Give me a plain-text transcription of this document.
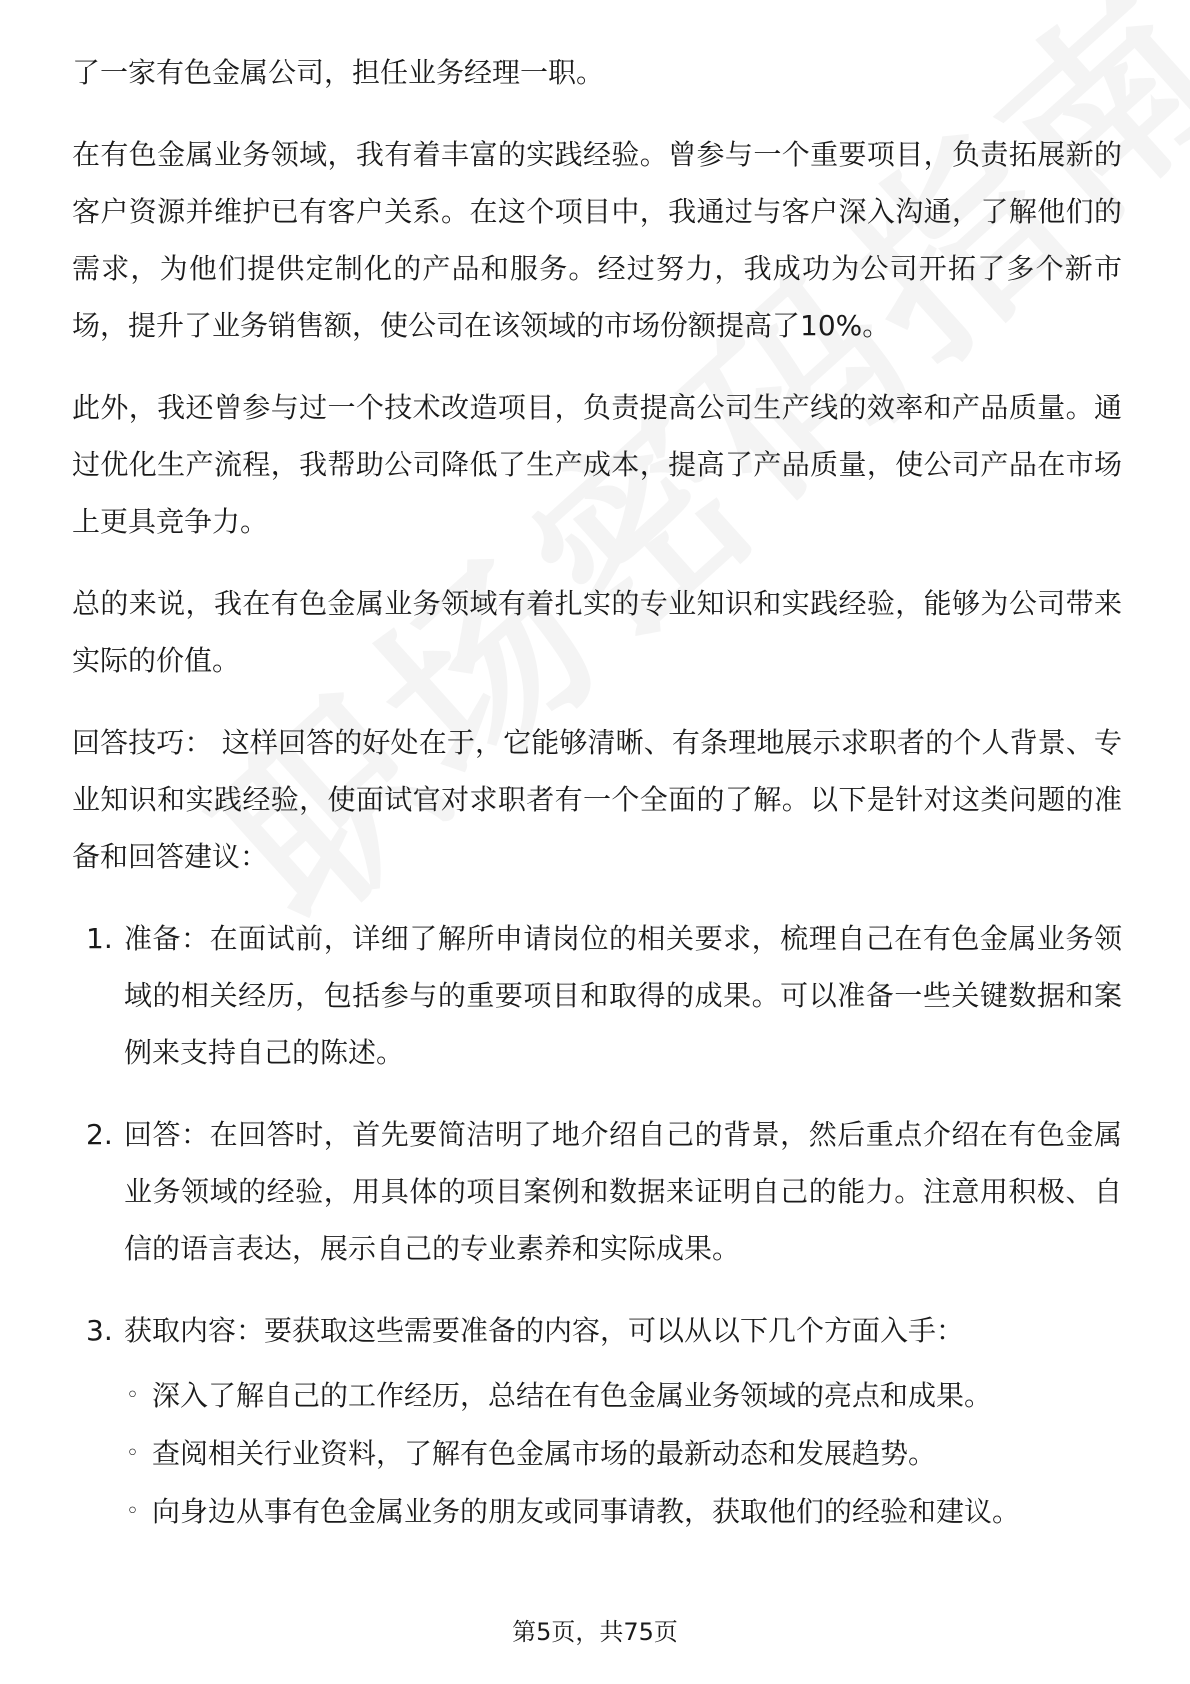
了一家有色金属公司，担任业务经理一职。

在有色金属业务领域，我有着丰富的实践经验。曾参与一个重要项目，负责拓展新的客户资源并维护已有客户关系。在这个项目中，我通过与客户深入沟通，了解他们的需求，为他们提供定制化的产品和服务。经过努力，我成功为公司开拓了多个新市场，提升了业务销售额，使公司在该领域的市场份额提高了10%。

此外，我还曾参与过一个技术改造项目，负责提高公司生产线的效率和产品质量。通过优化生产流程，我帮助公司降低了生产成本，提高了产品质量，使公司产品在市场上更具竞争力。

总的来说，我在有色金属业务领域有着扎实的专业知识和实践经验，能够为公司带来实际的价值。

回答技巧： 这样回答的好处在于，它能够清晰、有条理地展示求职者的个人背景、专业知识和实践经验，使面试官对求职者有一个全面的了解。以下是针对这类问题的准备和回答建议：

1. 准备：在面试前，详细了解所申请岗位的相关要求，梳理自己在有色金属业务领域的相关经历，包括参与的重要项目和取得的成果。可以准备一些关键数据和案例来支持自己的陈述。
2. 回答：在回答时，首先要简洁明了地介绍自己的背景，然后重点介绍在有色金属业务领域的经验，用具体的项目案例和数据来证明自己的能力。注意用积极、自信的语言表达，展示自己的专业素养和实际成果。
3. 获取内容：要获取这些需要准备的内容，可以从以下几个方面入手：
◦ 深入了解自己的工作经历，总结在有色金属业务领域的亮点和成果。
◦ 查阅相关行业资料，了解有色金属市场的最新动态和发展趋势。
◦ 向身边从事有色金属业务的朋友或同事请教，获取他们的经验和建议。
第5页，共75页
